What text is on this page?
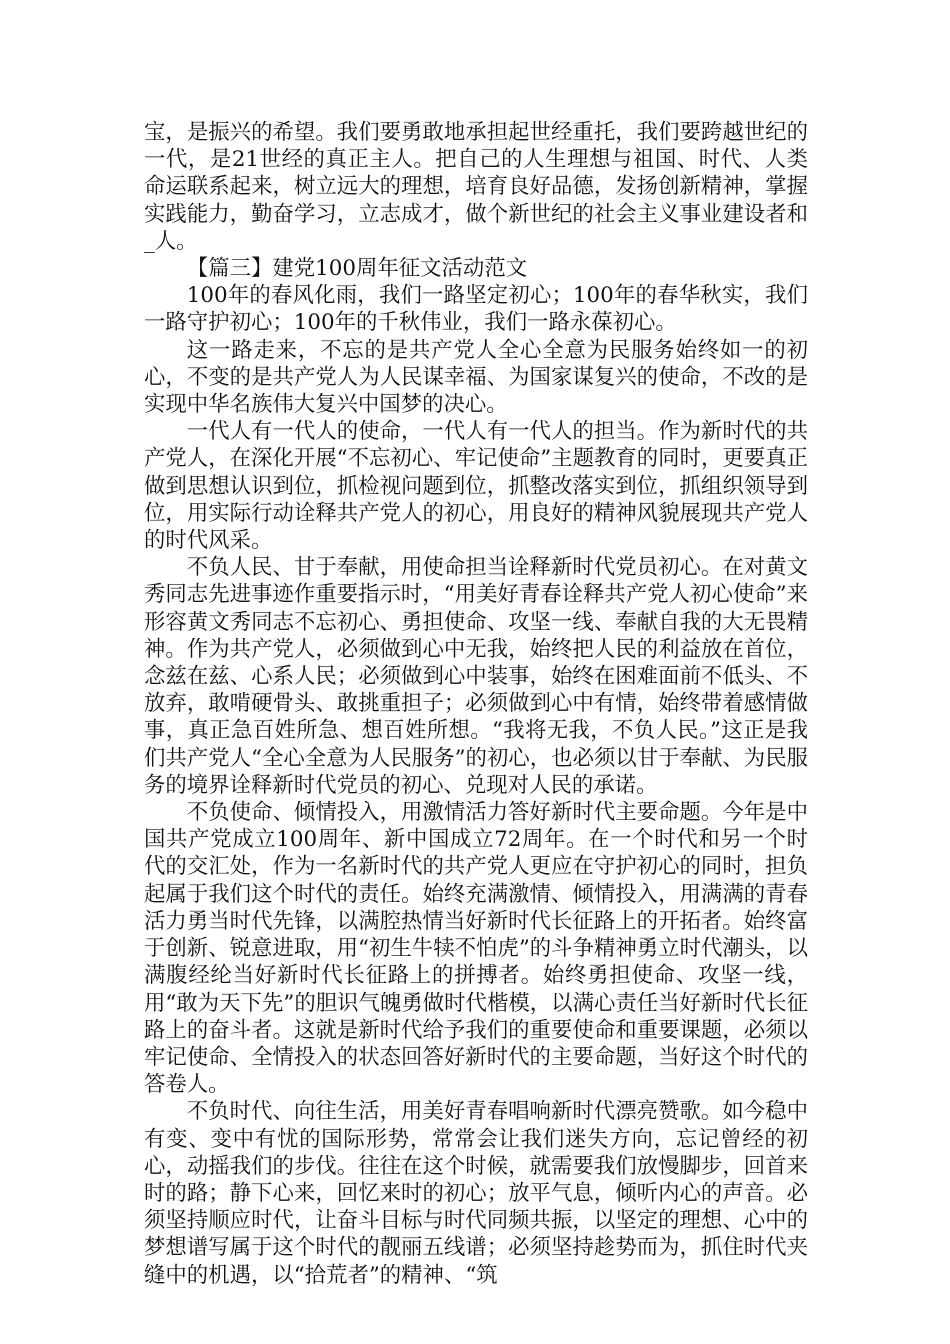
宝，是振兴的希望。我们要勇敢地承担起世经重托，我们要跨越世纪的一代，是21世经的真正主人。把自己的人生理想与祖国、时代、人类命运联系起来，树立远大的理想，培育良好品德，发扬创新精神，掌握实践能力，勤奋学习，立志成才，做个新世纪的社会主义事业建设者和_人。

【篇三】建党100周年征文活动范文

100年的春风化雨，我们一路坚定初心；100年的春华秋实，我们一路守护初心；100年的千秋伟业，我们一路永葆初心。

这一路走来，不忘的是共产党人全心全意为民服务始终如一的初心，不变的是共产党人为人民谋幸福、为国家谋复兴的使命，不改的是实现中华名族伟大复兴中国梦的决心。

一代人有一代人的使命，一代人有一代人的担当。作为新时代的共产党人，在深化开展“不忘初心、牢记使命”主题教育的同时，更要真正做到思想认识到位，抓检视问题到位，抓整改落实到位，抓组织领导到位，用实际行动诠释共产党人的初心，用良好的精神风貌展现共产党人的时代风采。

不负人民、甘于奉献，用使命担当诠释新时代党员初心。在对黄文秀同志先进事迹作重要指示时，“用美好青春诠释共产党人初心使命”来形容黄文秀同志不忘初心、勇担使命、攻坚一线、奉献自我的大无畏精神。作为共产党人，必须做到心中无我，始终把人民的利益放在首位，念兹在兹、心系人民；必须做到心中装事，始终在困难面前不低头、不放弃，敢啃硬骨头、敢挑重担子；必须做到心中有情，始终带着感情做事，真正急百姓所急、想百姓所想。“我将无我，不负人民。”这正是我们共产党人“全心全意为人民服务”的初心，也必须以甘于奉献、为民服务的境界诠释新时代党员的初心、兑现对人民的承诺。

不负使命、倾情投入，用激情活力答好新时代主要命题。今年是中国共产党成立100周年、新中国成立72周年。在一个时代和另一个时代的交汇处，作为一名新时代的共产党人更应在守护初心的同时，担负起属于我们这个时代的责任。始终充满激情、倾情投入，用满满的青春活力勇当时代先锋，以满腔热情当好新时代长征路上的开拓者。始终富于创新、锐意进取，用“初生牛犊不怕虎”的斗争精神勇立时代潮头，以满腹经纶当好新时代长征路上的拼搏者。始终勇担使命、攻坚一线，用“敢为天下先”的胆识气魄勇做时代楷模，以满心责任当好新时代长征路上的奋斗者。这就是新时代给予我们的重要使命和重要课题，必须以牢记使命、全情投入的状态回答好新时代的主要命题，当好这个时代的答卷人。

不负时代、向往生活，用美好青春唱响新时代漂亮赞歌。如今稳中有变、变中有忧的国际形势，常常会让我们迷失方向，忘记曾经的初心，动摇我们的步伐。往往在这个时候，就需要我们放慢脚步，回首来时的路；静下心来，回忆来时的初心；放平气息，倾听内心的声音。必须坚持顺应时代，让奋斗目标与时代同频共振，以坚定的理想、心中的梦想谱写属于这个时代的靓丽五线谱；必须坚持趁势而为，抓住时代夹缝中的机遇，以“拾荒者”的精神、“筑
